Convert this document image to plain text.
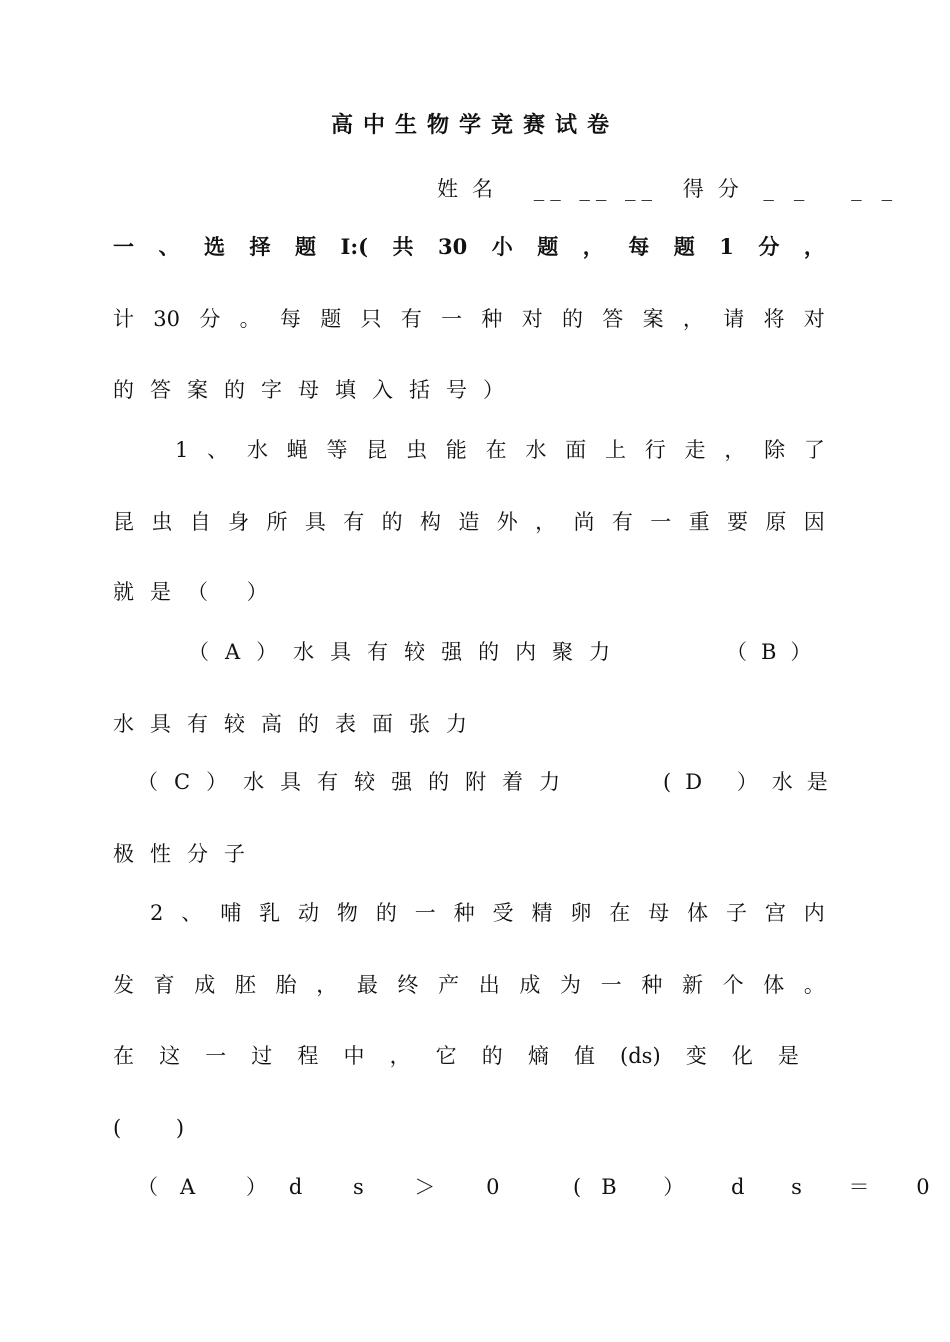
高中生物学竞赛试卷
姓名 __ __ __ 得分 __ __
一 、 选 择 题 I:( 共 30 小 题 ， 每 题 1 分 ，
计 30 分 。 每 题 只 有 一 种 对 的 答 案 ， 请 将 对
的答案的字母填入括号）
1 、 水 蝇 等 昆 虫 能 在 水 面 上 行 走 ， 除 了
昆 虫 自 身 所 具 有 的 构 造 外 ， 尚 有 一 重 要 原 因
就是（ ）
（A）水具有较强的内聚力	（B）
水具有较高的表面张力
（C）水具有较强的附着力	(D ）水是
极性分子
2 、 哺 乳 动 物 的 一 种 受 精 卵 在 母 体 子 宫 内
发 育 成 胚 胎 ， 最 终 产 出 成 为 一 种 新 个 体 。
在 这 一 过 程 中 ， 它 的 熵 值 (ds) 变 化 是
( )
（A ）d s ＞ 0 (B ） d s ＝ 0
